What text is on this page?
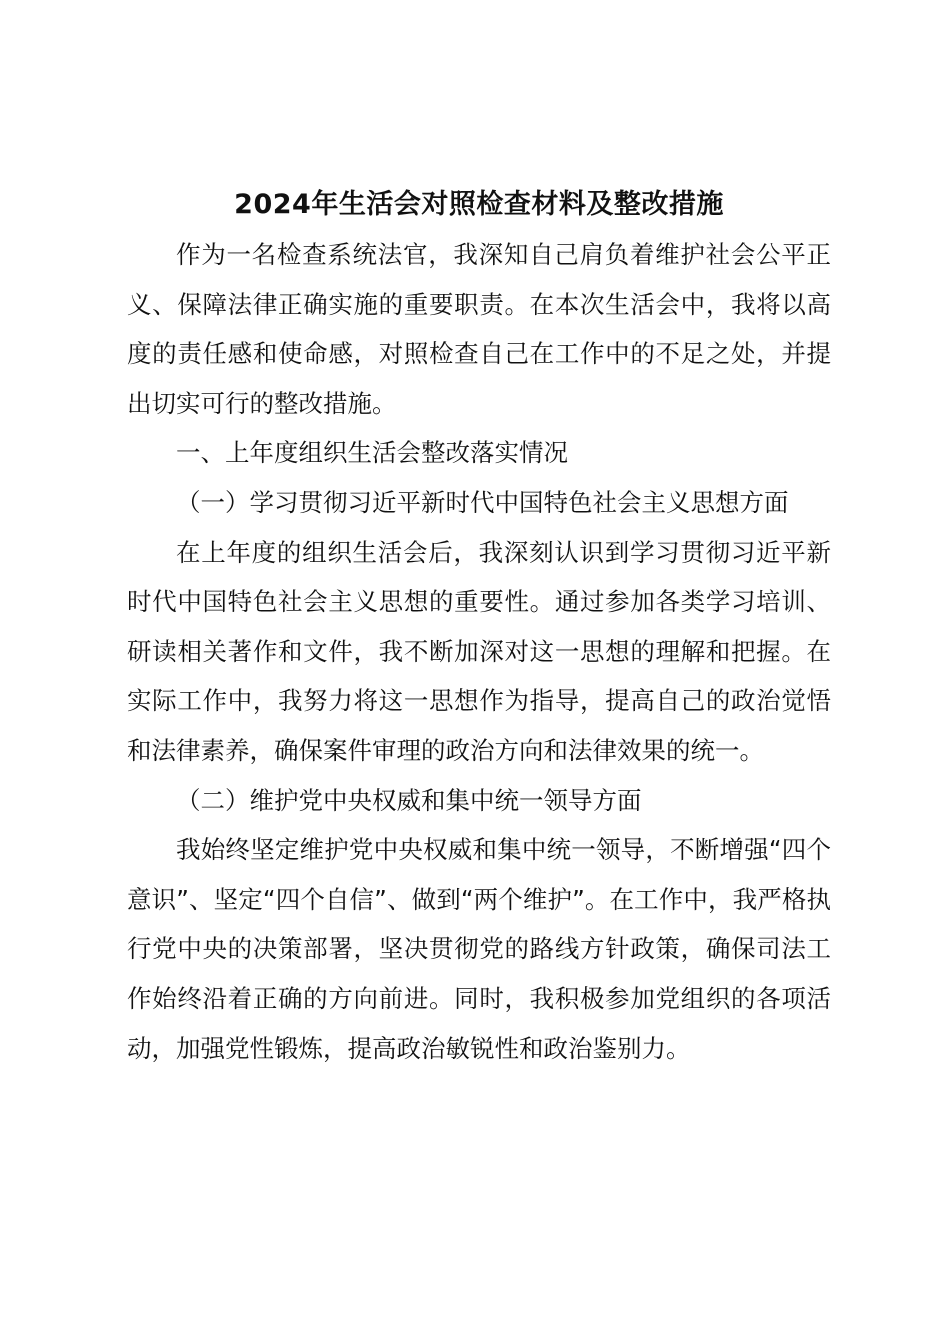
2024年生活会对照检查材料及整改措施

作为一名检查系统法官，我深知自己肩负着维护社会公平正义、保障法律正确实施的重要职责。在本次生活会中，我将以高度的责任感和使命感，对照检查自己在工作中的不足之处，并提出切实可行的整改措施。

一、上年度组织生活会整改落实情况

（一）学习贯彻习近平新时代中国特色社会主义思想方面

在上年度的组织生活会后，我深刻认识到学习贯彻习近平新时代中国特色社会主义思想的重要性。通过参加各类学习培训、研读相关著作和文件，我不断加深对这一思想的理解和把握。在实际工作中，我努力将这一思想作为指导，提高自己的政治觉悟和法律素养，确保案件审理的政治方向和法律效果的统一。

（二）维护党中央权威和集中统一领导方面

我始终坚定维护党中央权威和集中统一领导，不断增强“四个意识”、坚定“四个自信”、做到“两个维护”。在工作中，我严格执行党中央的决策部署，坚决贯彻党的路线方针政策，确保司法工作始终沿着正确的方向前进。同时，我积极参加党组织的各项活动，加强党性锻炼，提高政治敏锐性和政治鉴别力。
